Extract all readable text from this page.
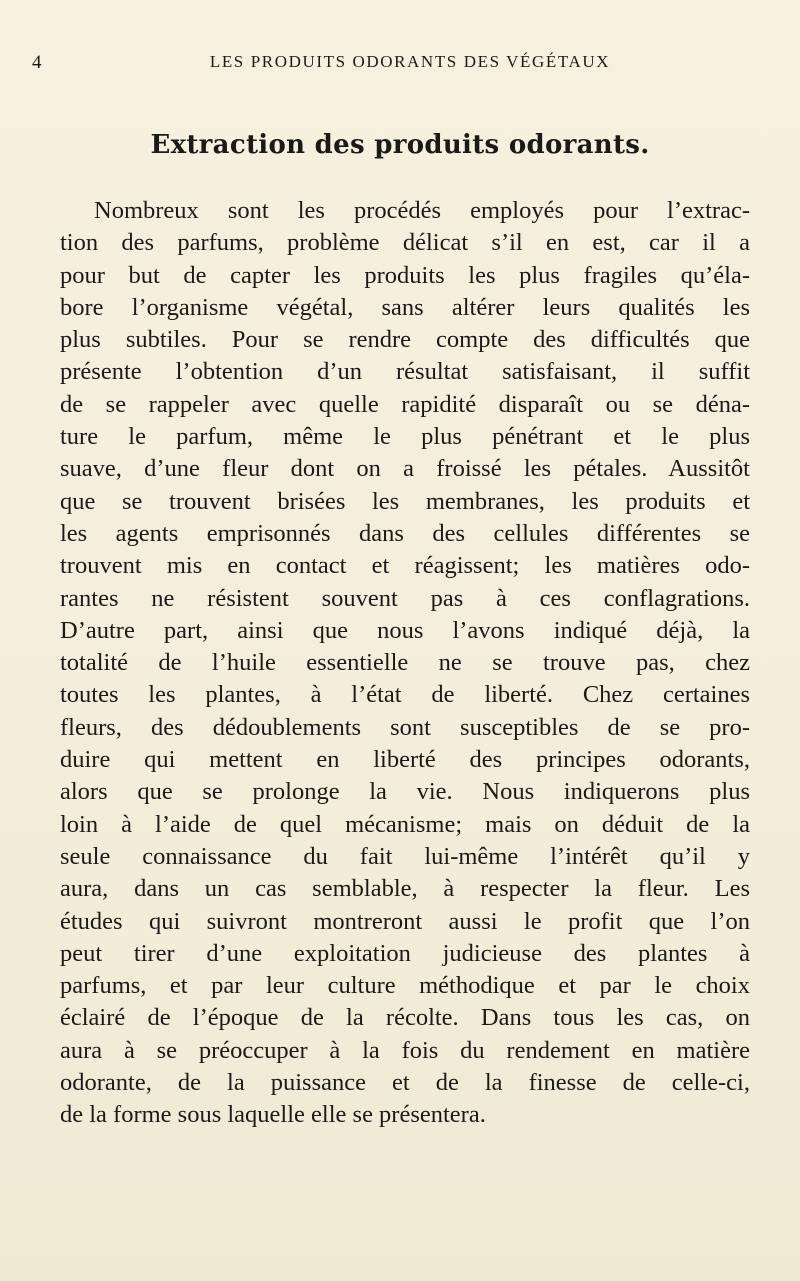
4	LES PRODUITS ODORANTS DES VÉGÉTAUX
Extraction des produits odorants.
Nombreux sont les procédés employés pour l’extrac-
tion des parfums, problème délicat s’il en est, car il a
pour but de capter les produits les plus fragiles qu’éla-
bore l’organisme végétal, sans altérer leurs qualités les
plus subtiles. Pour se rendre compte des difficultés que
présente l’obtention d’un résultat satisfaisant, il suffit
de se rappeler avec quelle rapidité disparaît ou se déna-
ture le parfum, même le plus pénétrant et le plus
suave, d’une fleur dont on a froissé les pétales. Aussitôt
que se trouvent brisées les membranes, les produits et
les agents emprisonnés dans des cellules différentes se
trouvent mis en contact et réagissent; les matières odo-
rantes ne résistent souvent pas à ces conflagrations.
D’autre part, ainsi que nous l’avons indiqué déjà, la
totalité de l’huile essentielle ne se trouve pas, chez
toutes les plantes, à l’état de liberté. Chez certaines
fleurs, des dédoublements sont susceptibles de se pro-
duire qui mettent en liberté des principes odorants,
alors que se prolonge la vie. Nous indiquerons plus
loin à l’aide de quel mécanisme; mais on déduit de la
seule connaissance du fait lui-même l’intérêt qu’il y
aura, dans un cas semblable, à respecter la fleur. Les
études qui suivront montreront aussi le profit que l’on
peut tirer d’une exploitation judicieuse des plantes à
parfums, et par leur culture méthodique et par le choix
éclairé de l’époque de la récolte. Dans tous les cas, on
aura à se préoccuper à la fois du rendement en matière
odorante, de la puissance et de la finesse de celle-ci,
de la forme sous laquelle elle se présentera.
